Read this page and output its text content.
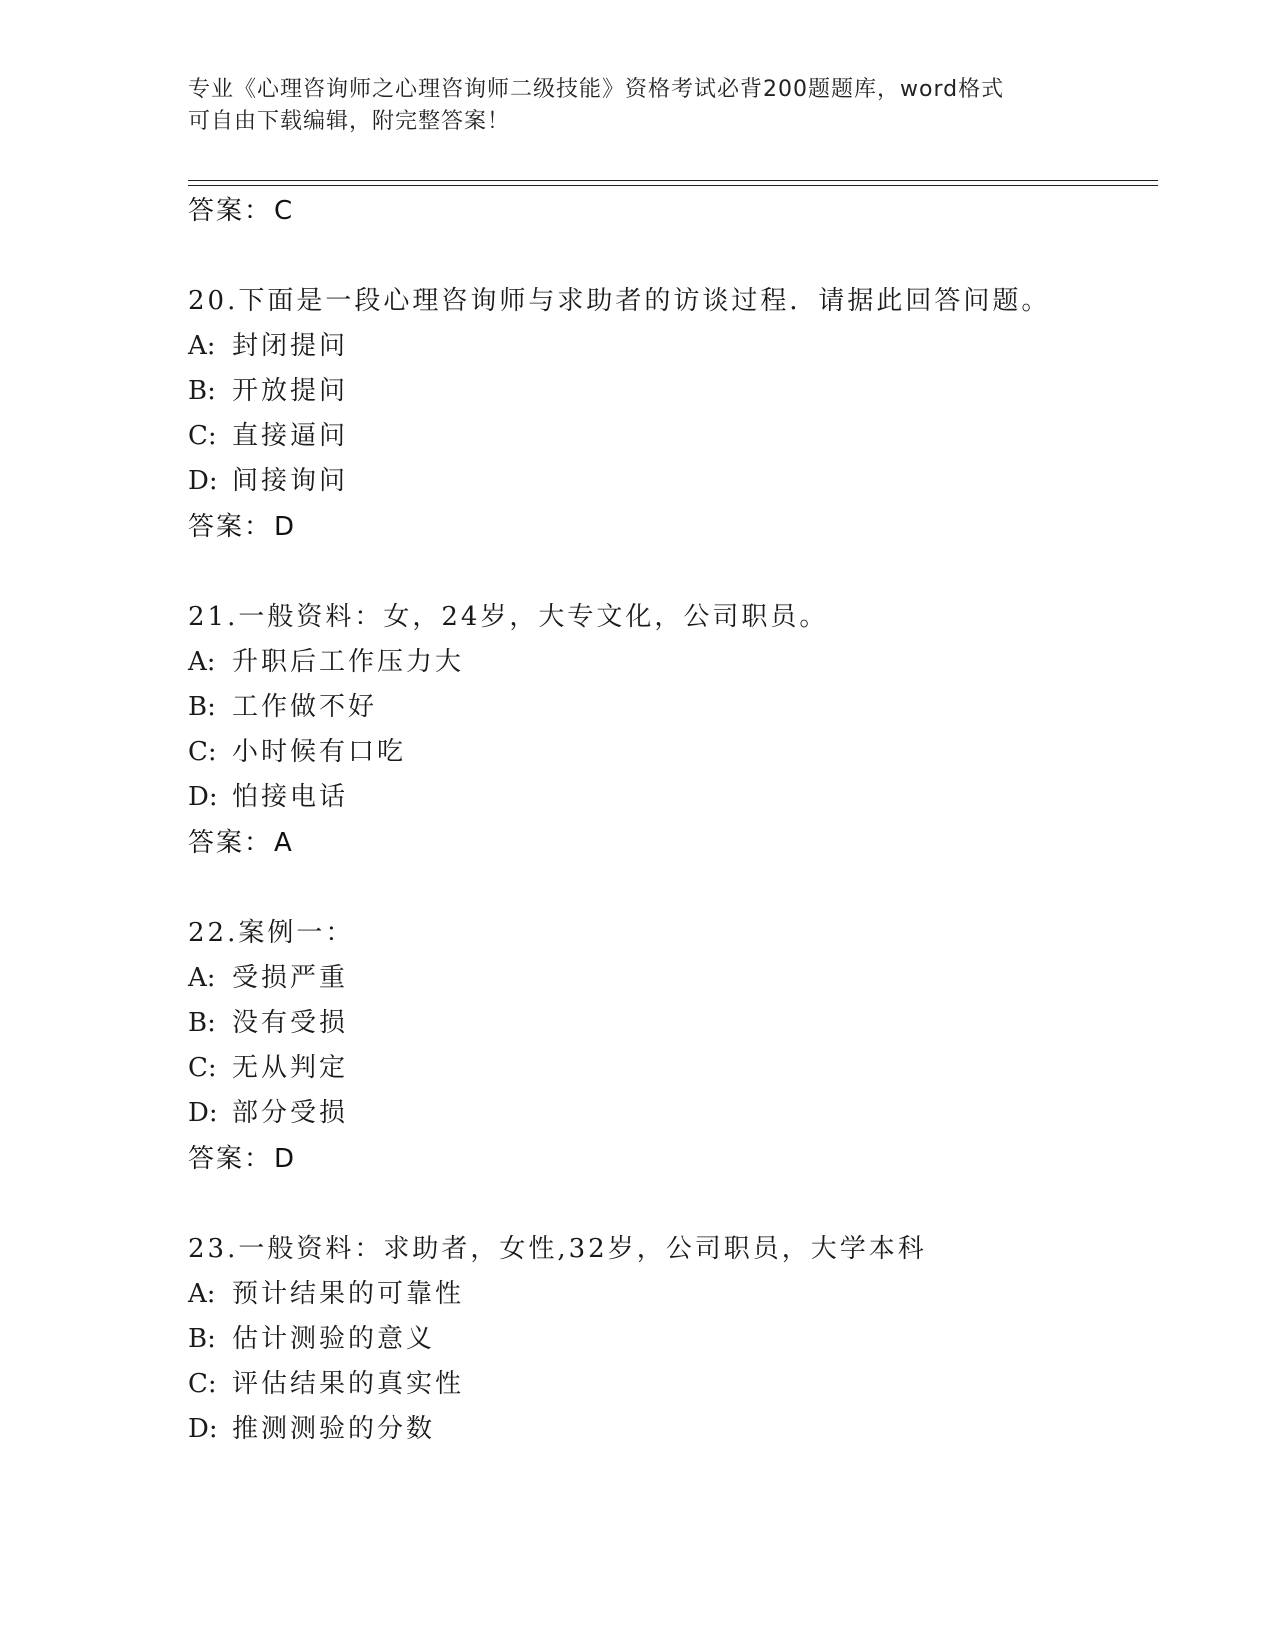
专业《心理咨询师之心理咨询师二级技能》资格考试必背200题题库，word格式
可自由下载编辑，附完整答案！
答案：C
20.下面是一段心理咨询师与求助者的访谈过程．请据此回答问题。
A: 封闭提问
B: 开放提问
C: 直接逼问
D: 间接询问
答案：D
21.一般资料：女，24岁，大专文化，公司职员。
A: 升职后工作压力大
B: 工作做不好
C: 小时候有口吃
D: 怕接电话
答案：A
22.案例一：
A: 受损严重
B: 没有受损
C: 无从判定
D: 部分受损
答案：D
23.一般资料：求助者，女性,32岁，公司职员，大学本科
A: 预计结果的可靠性
B: 估计测验的意义
C: 评估结果的真实性
D: 推测测验的分数
